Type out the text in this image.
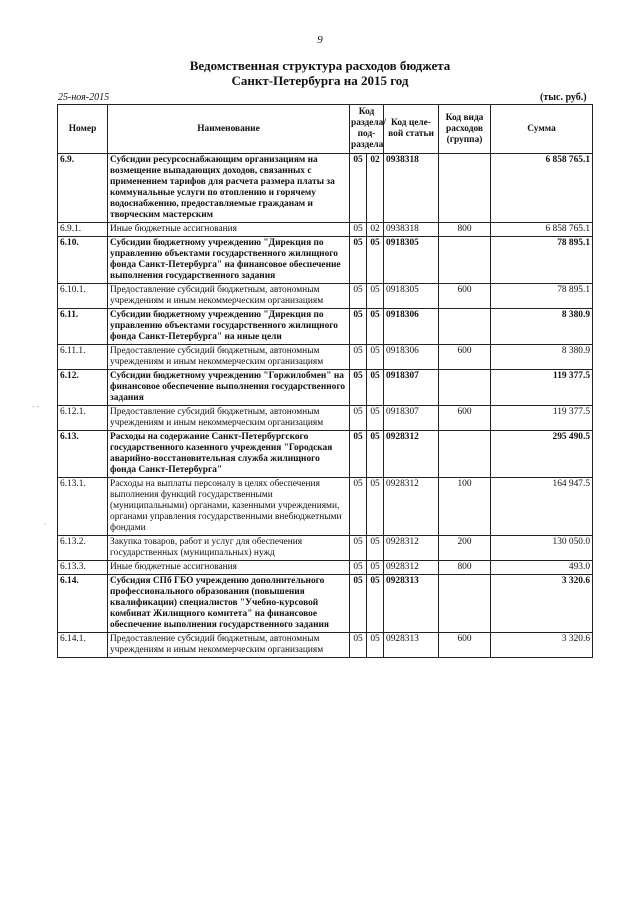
9
Ведомственная структура расходов бюджета
Санкт-Петербурга на 2015 год
25-ноя-2015	(тыс. руб.)
- -
·
Номер	Наименование	Код раздела/ под- раздела		Код целе- вой статьи	Код вида расходов (группа)	Сумма
6.9.	Субсидии ресурсоснабжающим организациям на возмещение выпадающих доходов, связанных с применением тарифов для расчета размера платы за коммунальные услуги по отоплению и горячему водоснабжению, предоставляемые гражданам и творческим мастерским	05	02	0938318		6 858 765.1
6.9.1.	Иные бюджетные ассигнования	05	02	0938318	800	6 858 765.1
6.10.	Субсидии бюджетному учреждению "Дирекция по управлению объектами государственного жилищного фонда Санкт-Петербурга" на финансовое обеспечение выполнения государственного задания	05	05	0918305		78 895.1
6.10.1.	Предоставление субсидий бюджетным, автономным учреждениям и иным некоммерческим организациям	05	05	0918305	600	78 895.1
6.11.	Субсидии бюджетному учреждению "Дирекция по управлению объектами государственного жилищного фонда Санкт-Петербурга" на иные цели	05	05	0918306		8 380.9
6.11.1.	Предоставление субсидий бюджетным, автономным учреждениям и иным некоммерческим организациям	05	05	0918306	600	8 380.9
6.12.	Субсидии бюджетному учреждению "Горжилобмен" на финансовое обеспечение выполнения государственного задания	05	05	0918307		119 377.5
6.12.1.	Предоставление субсидий бюджетным, автономным учреждениям и иным некоммерческим организациям	05	05	0918307	600	119 377.5
6.13.	Расходы на содержание Санкт-Петербургского государственного казенного учреждения "Городская аварийно-восстановительная служба жилищного фонда Санкт-Петербурга"	05	05	0928312		295 490.5
6.13.1.	Расходы на выплаты персоналу в целях обеспечения выполнения функций государственными (муниципальными) органами, казенными учреждениями, органами управления государственными внебюджетными фондами	05	05	0928312	100	164 947.5
6.13.2.	Закупка товаров, работ и услуг для обеспечения государственных (муниципальных) нужд	05	05	0928312	200	130 050.0
6.13.3.	Иные бюджетные ассигнования	05	05	0928312	800	493.0
6.14.	Субсидия СПб ГБО учреждению дополнительного профессионального образования (повышения квалификации) специалистов "Учебно-курсовой комбинат Жилищного комитета" на финансовое обеспечение выполнения государственного задания	05	05	0928313		3 320.6
6.14.1.	Предоставление субсидий бюджетным, автономным учреждениям и иным некоммерческим организациям	05	05	0928313	600	3 320.6
